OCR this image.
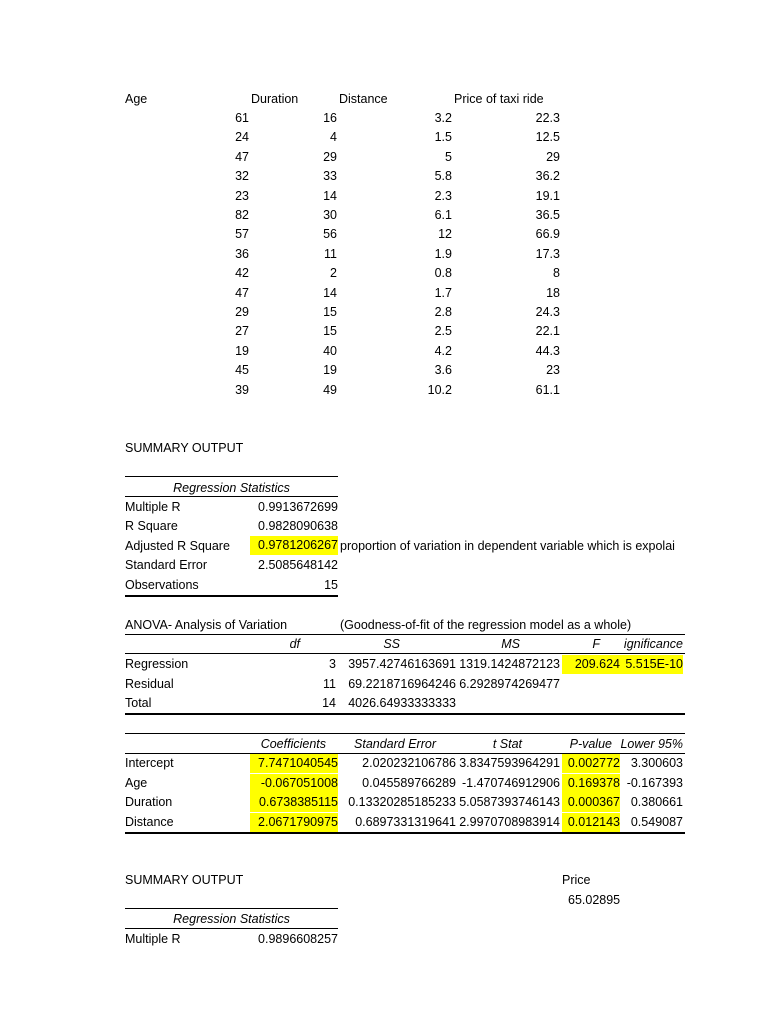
Age	Duration	Distance	Price of taxi ride
61	16	3.2	22.3
24	4	1.5	12.5
47	29	5	29
32	33	5.8	36.2
23	14	2.3	19.1
82	30	6.1	36.5
57	56	12	66.9
36	11	1.9	17.3
42	2	0.8	8
47	14	1.7	18
29	15	2.8	24.3
27	15	2.5	22.1
19	40	4.2	44.3
45	19	3.6	23
39	49	10.2	61.1
SUMMARY OUTPUT
Regression Statistics
Multiple R	0.9913672699
R Square	0.9828090638
Adjusted R Square	0.9781206267 proportion of variation in dependent variable which is expolai
Standard Error	2.5085648142
Observations	15
ANOVA- Analysis of Variation	(Goodness-of-fit of the regression model as a whole)
df	SS	MS	F	ignificance
Regression	3 3957.42746163691 1319.1424872123	209.624 5.515E-10
Residual	11 69.2218716964246 6.2928974269477
Total	14 4026.64933333333
Coefficients	Standard Error	t Stat	P-value Lower 95%
Intercept	7.7471040545	2.020232106786 3.8347593964291 0.002772 3.300603
Age	-0.067051008	0.045589766289 -1.470746912906 0.169378 -0.167393
Duration	0.6738385115 0.13320285185233 5.0587393746143 0.000367 0.380661
Distance	2.0671790975	0.6897331319641 2.9970708983914 0.012143 0.549087
SUMMARY OUTPUT	Price
65.02895
Regression Statistics
Multiple R	0.9896608257
